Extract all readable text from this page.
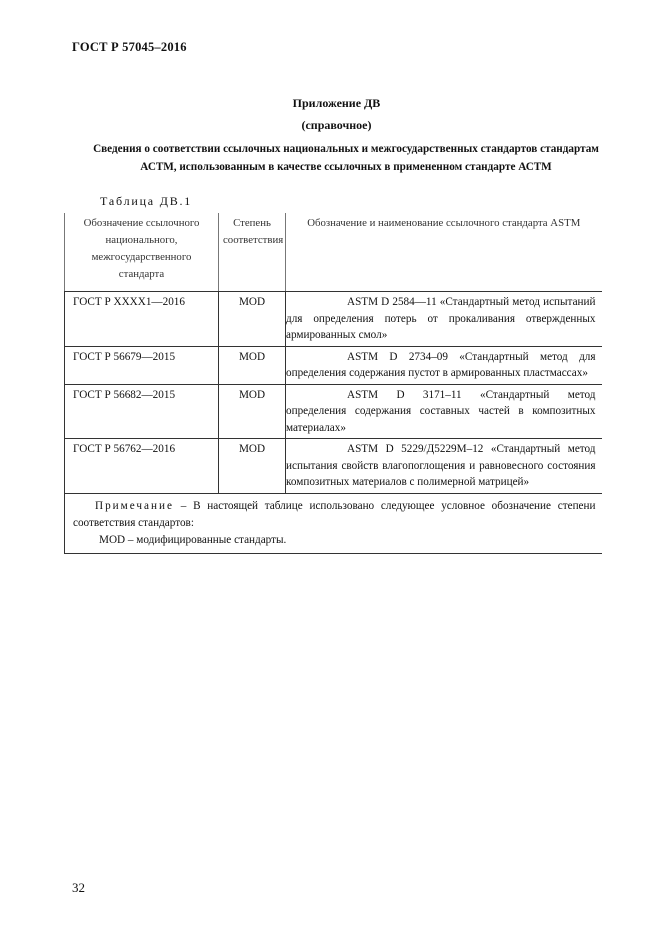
ГОСТ Р 57045–2016
Приложение ДВ
(справочное)
Сведения о соответствии ссылочных национальных и межгосударственных стандартов стандартам АСТМ, использованным в качестве ссылочных в примененном стандарте АСТМ
Таблица ДВ.1
Обозначение ссылочного национального, межгосударственного стандарта	Степень соответствия	Обозначение и наименование ссылочного стандарта ASTM
ГОСТ Р ХХХХ1—2016	MOD	ASTM D 2584—11 «Стандартный метод испытаний для определения потерь от прокаливания отвержденных армированных смол»

ГОСТ Р 56679—2015	MOD	ASTM D 2734–09 «Стандартный метод для определения содержания пустот в армированных пластмассах»

ГОСТ Р 56682—2015	MOD	ASTM D 3171–11 «Стандартный метод определения содержания составных частей в композитных материалах»

ГОСТ Р 56762—2016	MOD	ASTM D 5229/Д5229М–12 «Стандартный метод испытания свойств влагопоглощения и равновесного состояния композитных материалов с полимерной матрицей»

Примечание – В настоящей таблице использовано следующее условное обозначение степени соответствия стандартов:
MOD – модифицированные стандарты.		
32
